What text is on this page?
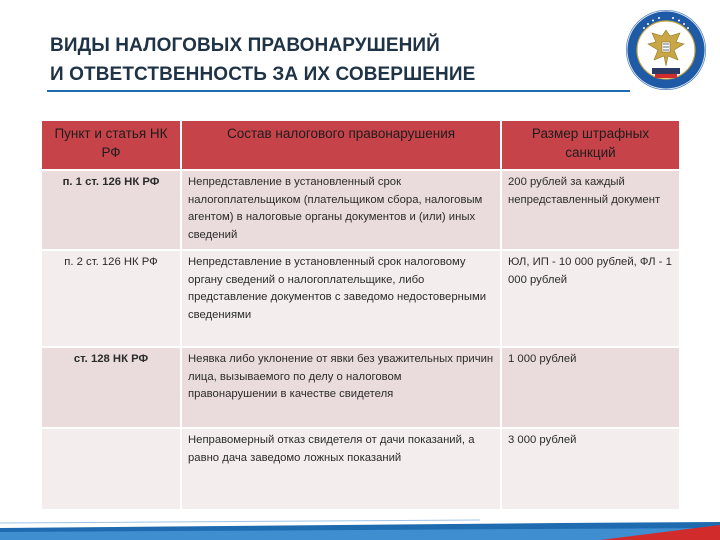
ВИДЫ НАЛОГОВЫХ ПРАВОНАРУШЕНИЙ
И ОТВЕТСТВЕННОСТЬ ЗА ИХ СОВЕРШЕНИЕ
Пункт и статья НК РФ	Состав налогового правонарушения	Размер штрафных санкций
п. 1 ст. 126 НК РФ	Непредставление в установленный срок налогоплательщиком (плательщиком сбора, налоговым агентом) в налоговые органы документов и (или) иных сведений	200 рублей за каждый непредставленный документ
п. 2 ст. 126 НК РФ	Непредставление в установленный срок налоговому органу сведений о налогоплательщике, либо представление документов с заведомо недостоверными сведениями	ЮЛ, ИП - 10 000 рублей, ФЛ - 1 000 рублей
ст. 128 НК РФ	Неявка либо уклонение от явки без уважительных причин лица, вызываемого по делу о налоговом правонарушении в качестве свидетеля	1 000 рублей
	Неправомерный отказ свидетеля от дачи показаний, а равно дача заведомо ложных показаний	3 000 рублей
